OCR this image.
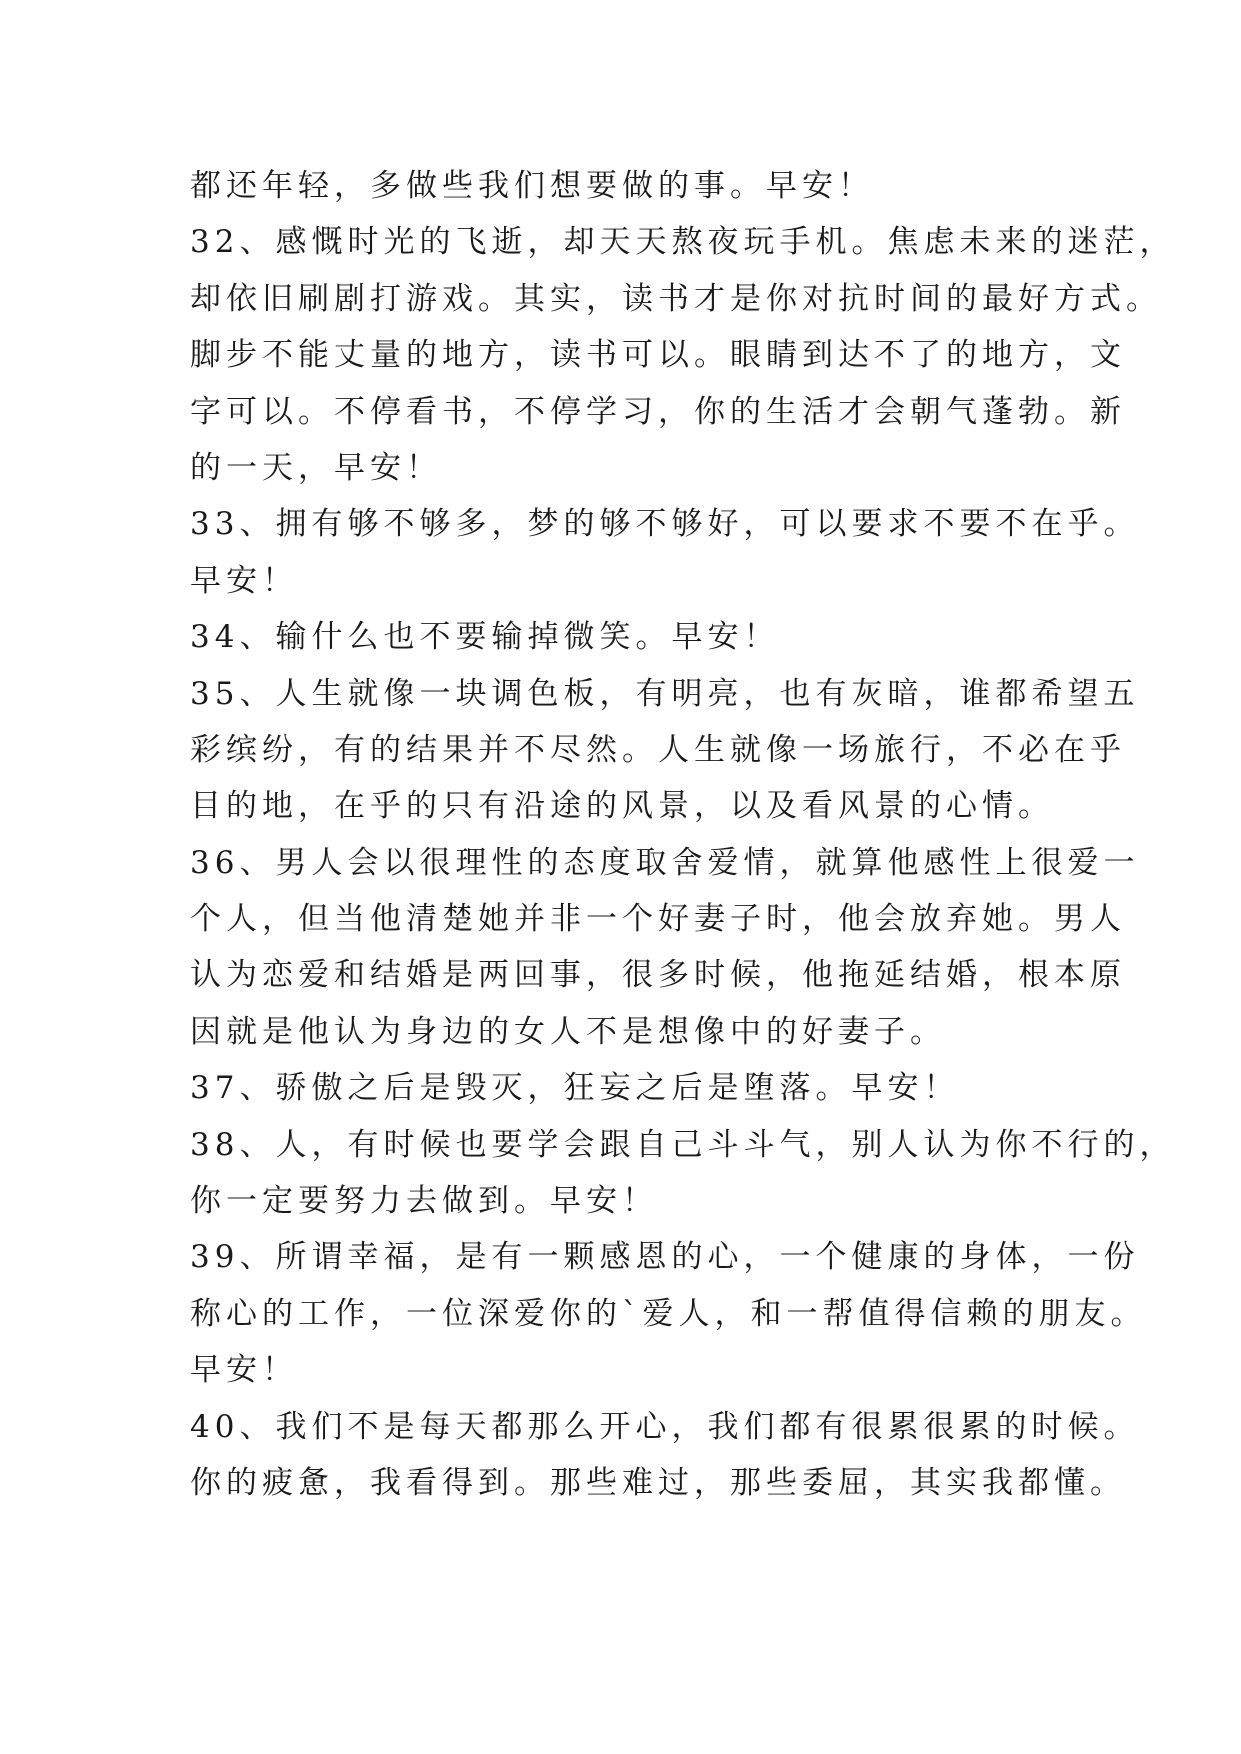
都还年轻，多做些我们想要做的事。早安！
32、感慨时光的飞逝，却天天熬夜玩手机。焦虑未来的迷茫，
却依旧刷剧打游戏。其实，读书才是你对抗时间的最好方式。
脚步不能丈量的地方，读书可以。眼睛到达不了的地方，文
字可以。不停看书，不停学习，你的生活才会朝气蓬勃。新
的一天，早安！
33、拥有够不够多，梦的够不够好，可以要求不要不在乎。
早安！
34、输什么也不要输掉微笑。早安！
35、人生就像一块调色板，有明亮，也有灰暗，谁都希望五
彩缤纷，有的结果并不尽然。人生就像一场旅行，不必在乎
目的地，在乎的只有沿途的风景，以及看风景的心情。
36、男人会以很理性的态度取舍爱情，就算他感性上很爱一
个人，但当他清楚她并非一个好妻子时，他会放弃她。男人
认为恋爱和结婚是两回事，很多时候，他拖延结婚，根本原
因就是他认为身边的女人不是想像中的好妻子。
37、骄傲之后是毁灭，狂妄之后是堕落。早安！
38、人，有时候也要学会跟自己斗斗气，别人认为你不行的，
你一定要努力去做到。早安！
39、所谓幸福，是有一颗感恩的心，一个健康的身体，一份
称心的工作，一位深爱你的`爱人，和一帮值得信赖的朋友。
早安！
40、我们不是每天都那么开心，我们都有很累很累的时候。
你的疲惫，我看得到。那些难过，那些委屈，其实我都懂。
